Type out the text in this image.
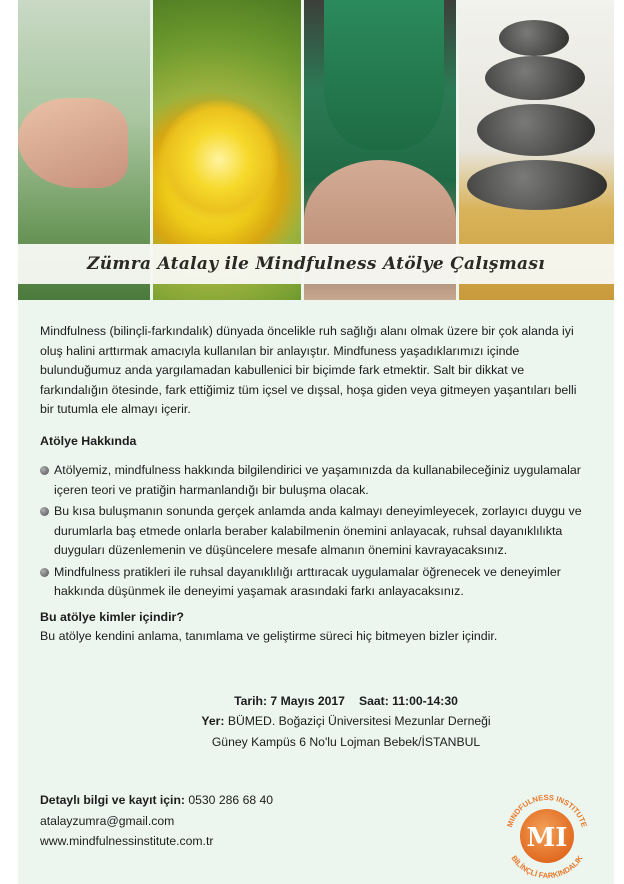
Zümra Atalay ile Mindfulness Atölye Çalışması

Mindfulness (bilinçli-farkındalık) dünyada öncelikle ruh sağlığı alanı olmak üzere bir çok alanda iyi oluş halini arttırmak amacıyla kullanılan bir anlayıştır. Mindfuness yaşadıklarımızı içinde bulunduğumuz anda yargılamadan kabullenici bir biçimde fark etmektir. Salt bir dikkat ve farkındalığın ötesinde, fark ettiğimiz tüm içsel ve dışsal, hoşa giden veya gitmeyen yaşantıları belli bir tutumla ele almayı içerir.

Atölye Hakkında
Atölyemiz, mindfulness hakkında bilgilendirici ve yaşamınızda da kullanabileceğiniz uygulamalar içeren teori ve pratiğin harmanlandığı bir buluşma olacak.
Bu kısa buluşmanın sonunda gerçek anlamda anda kalmayı deneyimleyecek, zorlayıcı duygu ve durumlarla baş etmede onlarla beraber kalabilmenin önemini anlayacak, ruhsal dayanıklılıkta duyguları düzenlemenin ve düşüncelere mesafe almanın önemini kavrayacaksınız.
Mindfulness pratikleri ile ruhsal dayanıklılığı arttıracak uygulamalar öğrenecek ve deneyimler hakkında düşünmek ile deneyimi yaşamak arasındaki farkı anlayacaksınız.
Bu atölye kimler içindir?
Bu atölye kendini anlama, tanımlama ve geliştirme süreci hiç bitmeyen bizler içindir.
Tarih: 7 Mayıs 2017 Saat: 11:00-14:30
Yer: BÜMED. Boğaziçi Üniversitesi Mezunlar Derneği
Güney Kampüs 6 No'lu Lojman Bebek/İSTANBUL
Detaylı bilgi ve kayıt için: 0530 286 68 40
atalayzumra@gmail.com
www.mindfulnessinstitute.com.tr	MI
MINDFULNESS INSTITUTE
BİLİNÇLİ FARKINDALIK
